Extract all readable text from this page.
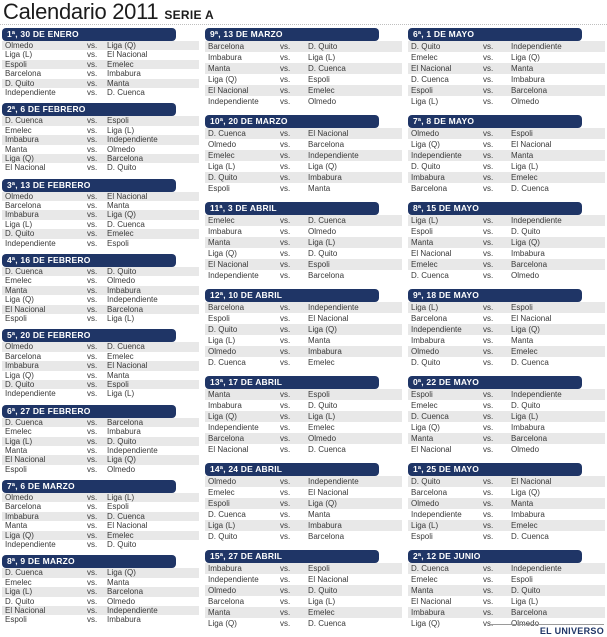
Calendario 2011 SERIE A
1ª, 30 DE ENERO
Olmedo	vs.	Liga (Q)
Liga (L)	vs.	El Nacional
Espoli	vs.	Emelec
Barcelona	vs.	Imbabura
D. Quito	vs.	Manta
Independiente	vs.	D. Cuenca
2ª, 6 DE FEBRERO
D. Cuenca	vs.	Espoli
Emelec	vs.	Liga (L)
Imbabura	vs.	Independiente
Manta	vs.	Olmedo
Liga (Q)	vs.	Barcelona
El Nacional	vs.	D. Quito
3ª, 13 DE FEBRERO
Olmedo	vs.	El Nacional
Barcelona	vs.	Manta
Imbabura	vs.	Liga (Q)
Liga (L)	vs.	D. Cuenca
D. Quito	vs.	Emelec
Independiente	vs.	Espoli
4ª, 16 DE FEBRERO
D. Cuenca	vs.	D. Quito
Emelec	vs.	Olmedo
Manta	vs.	Imbabura
Liga (Q)	vs.	Independiente
El Nacional	vs.	Barcelona
Espoli	vs.	Liga (L)
5ª, 20 DE FEBRERO
Olmedo	vs.	D. Cuenca
Barcelona	vs.	Emelec
Imbabura	vs.	El Nacional
Liga (Q)	vs.	Manta
D. Quito	vs.	Espoli
Independiente	vs.	Liga (L)
6ª, 27 DE FEBRERO
D. Cuenca	vs.	Barcelona
Emelec	vs.	Imbabura
Liga (L)	vs.	D. Quito
Manta	vs.	Independiente
El Nacional	vs.	Liga (Q)
Espoli	vs.	Olmedo
7ª, 6 DE MARZO
Olmedo	vs.	Liga (L)
Barcelona	vs.	Espoli
Imbabura	vs.	D. Cuenca
Manta	vs.	El Nacional
Liga (Q)	vs.	Emelec
Independiente	vs.	D. Quito
8ª, 9 DE MARZO
D. Cuenca	vs.	Liga (Q)
Emelec	vs.	Manta
Liga (L)	vs.	Barcelona
D. Quito	vs.	Olmedo
El Nacional	vs.	Independiente
Espoli	vs.	Imbabura
9ª, 13 DE MARZO
Barcelona	vs.	D. Quito
Imbabura	vs.	Liga (L)
Manta	vs.	D. Cuenca
Liga (Q)	vs.	Espoli
El Nacional	vs.	Emelec
Independiente	vs.	Olmedo
10ª, 20 DE MARZO
D. Cuenca	vs.	El Nacional
Olmedo	vs.	Barcelona
Emelec	vs.	Independiente
Liga (L)	vs.	Liga (Q)
D. Quito	vs.	Imbabura
Espoli	vs.	Manta
11ª, 3 DE ABRIL
Emelec	vs.	D. Cuenca
Imbabura	vs.	Olmedo
Manta	vs.	Liga (L)
Liga (Q)	vs.	D. Quito
El Nacional	vs.	Espoli
Independiente	vs.	Barcelona
12ª, 10 DE ABRIL
Barcelona	vs.	Independiente
Espoli	vs.	El Nacional
D. Quito	vs.	Liga (Q)
Liga (L)	vs.	Manta
Olmedo	vs.	Imbabura
D. Cuenca	vs.	Emelec
13ª, 17 DE ABRIL
Manta	vs.	Espoli
Imbabura	vs.	D. Quito
Liga (Q)	vs.	Liga (L)
Independiente	vs.	Emelec
Barcelona	vs.	Olmedo
El Nacional	vs.	D. Cuenca
14ª, 24 DE ABRIL
Olmedo	vs.	Independiente
Emelec	vs.	El Nacional
Espoli	vs.	Liga (Q)
D. Cuenca	vs.	Manta
Liga (L)	vs.	Imbabura
D. Quito	vs.	Barcelona
15ª, 27 DE ABRIL
Imbabura	vs.	Espoli
Independiente	vs.	El Nacional
Olmedo	vs.	D. Quito
Barcelona	vs.	Liga (L)
Manta	vs.	Emelec
Liga (Q)	vs.	D. Cuenca
6ª, 1 DE MAYO
D. Quito	vs.	Independiente
Emelec	vs.	Liga (Q)
El Nacional	vs.	Manta
D. Cuenca	vs.	Imbabura
Espoli	vs.	Barcelona
Liga (L)	vs.	Olmedo
7ª, 8 DE MAYO
Olmedo	vs.	Espoli
Liga (Q)	vs.	El Nacional
Independiente	vs.	Manta
D. Quito	vs.	Liga (L)
Imbabura	vs.	Emelec
Barcelona	vs.	D. Cuenca
8ª, 15 DE MAYO
Liga (L)	vs.	Independiente
Espoli	vs.	D. Quito
Manta	vs.	Liga (Q)
El Nacional	vs.	Imbabura
Emelec	vs.	Barcelona
D. Cuenca	vs.	Olmedo
9ª, 18 DE MAYO
Liga (L)	vs.	Espoli
Barcelona	vs.	El Nacional
Independiente	vs.	Liga (Q)
Imbabura	vs.	Manta
Olmedo	vs.	Emelec
D. Quito	vs.	D. Cuenca
0ª, 22 DE MAYO
Espoli	vs.	Independiente
Emelec	vs.	D. Quito
D. Cuenca	vs.	Liga (L)
Liga (Q)	vs.	Imbabura
Manta	vs.	Barcelona
El Nacional	vs.	Olmedo
1ª, 25 DE MAYO
D. Quito	vs.	El Nacional
Barcelona	vs.	Liga (Q)
Olmedo	vs.	Manta
Independiente	vs.	Imbabura
Liga (L)	vs.	Emelec
Espoli	vs.	D. Cuenca
2ª, 12 DE JUNIO
D. Cuenca	vs.	Independiente
Emelec	vs.	Espoli
Manta	vs.	D. Quito
El Nacional	vs.	Liga (L)
Imbabura	vs.	Barcelona
Liga (Q)	vs.	Olmedo
EL UNIVERSO
